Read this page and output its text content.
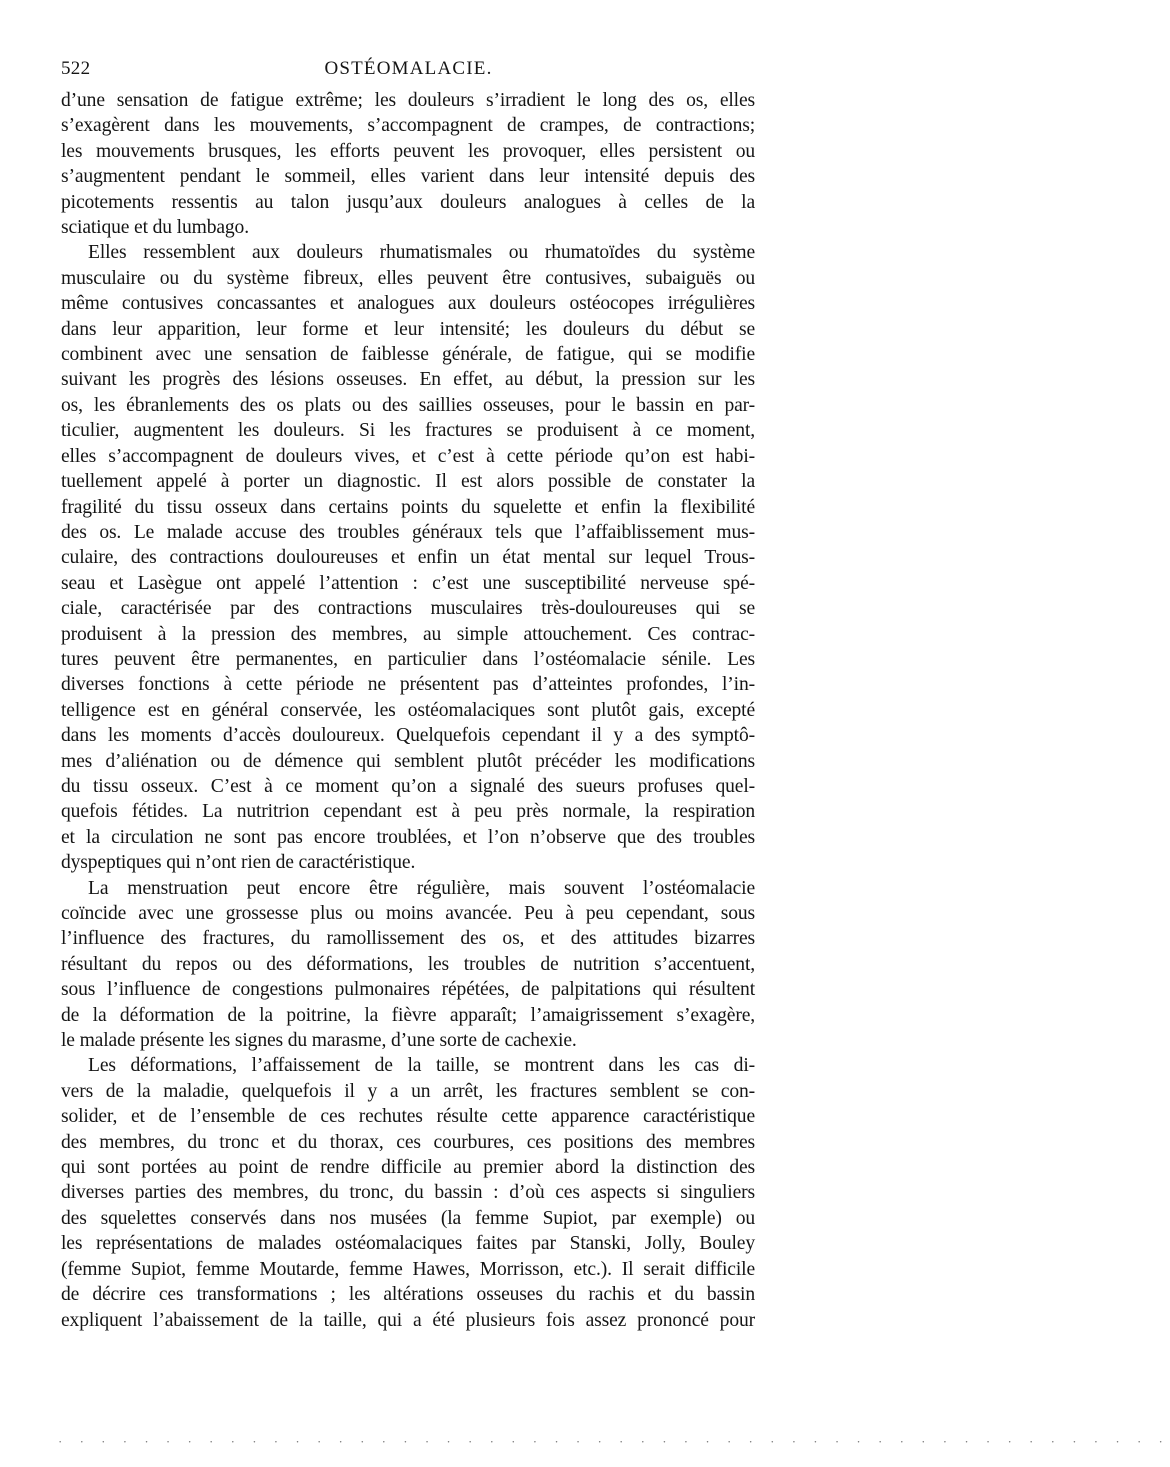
522	OSTÉOMALACIE.
d’une sensation de fatigue extrême; les douleurs s’irradient le long des os, elles
s’exagèrent dans les mouvements, s’accompagnent de crampes, de contractions;
les mouvements brusques, les efforts peuvent les provoquer, elles persistent ou
s’augmentent pendant le sommeil, elles varient dans leur intensité depuis des
picotements ressentis au talon jusqu’aux douleurs analogues à celles de la
sciatique et du lumbago.
Elles ressemblent aux douleurs rhumatismales ou rhumatoïdes du système
musculaire ou du système fibreux, elles peuvent être contusives, subaiguës ou
même contusives concassantes et analogues aux douleurs ostéocopes irrégulières
dans leur apparition, leur forme et leur intensité; les douleurs du début se
combinent avec une sensation de faiblesse générale, de fatigue, qui se modifie
suivant les progrès des lésions osseuses. En effet, au début, la pression sur les
os, les ébranlements des os plats ou des saillies osseuses, pour le bassin en par-
ticulier, augmentent les douleurs. Si les fractures se produisent à ce moment,
elles s’accompagnent de douleurs vives, et c’est à cette période qu’on est habi-
tuellement appelé à porter un diagnostic. Il est alors possible de constater la
fragilité du tissu osseux dans certains points du squelette et enfin la flexibilité
des os. Le malade accuse des troubles généraux tels que l’affaiblissement mus-
culaire, des contractions douloureuses et enfin un état mental sur lequel Trous-
seau et Lasègue ont appelé l’attention : c’est une susceptibilité nerveuse spé-
ciale, caractérisée par des contractions musculaires très-douloureuses qui se
produisent à la pression des membres, au simple attouchement. Ces contrac-
tures peuvent être permanentes, en particulier dans l’ostéomalacie sénile. Les
diverses fonctions à cette période ne présentent pas d’atteintes profondes, l’in-
telligence est en général conservée, les ostéomalaciques sont plutôt gais, excepté
dans les moments d’accès douloureux. Quelquefois cependant il y a des symptô-
mes d’aliénation ou de démence qui semblent plutôt précéder les modifications
du tissu osseux. C’est à ce moment qu’on a signalé des sueurs profuses quel-
quefois fétides. La nutritrion cependant est à peu près normale, la respiration
et la circulation ne sont pas encore troublées, et l’on n’observe que des troubles
dyspeptiques qui n’ont rien de caractéristique.
La menstruation peut encore être régulière, mais souvent l’ostéomalacie
coïncide avec une grossesse plus ou moins avancée. Peu à peu cependant, sous
l’influence des fractures, du ramollissement des os, et des attitudes bizarres
résultant du repos ou des déformations, les troubles de nutrition s’accentuent,
sous l’influence de congestions pulmonaires répétées, de palpitations qui résultent
de la déformation de la poitrine, la fièvre apparaît; l’amaigrissement s’exagère,
le malade présente les signes du marasme, d’une sorte de cachexie.
Les déformations, l’affaissement de la taille, se montrent dans les cas di-
vers de la maladie, quelquefois il y a un arrêt, les fractures semblent se con-
solider, et de l’ensemble de ces rechutes résulte cette apparence caractéristique
des membres, du tronc et du thorax, ces courbures, ces positions des membres
qui sont portées au point de rendre difficile au premier abord la distinction des
diverses parties des membres, du tronc, du bassin : d’où ces aspects si singuliers
des squelettes conservés dans nos musées (la femme Supiot, par exemple) ou
les représentations de malades ostéomalaciques faites par Stanski, Jolly, Bouley
(femme Supiot, femme Moutarde, femme Hawes, Morrisson, etc.). Il serait difficile
de décrire ces transformations ; les altérations osseuses du rachis et du bassin
expliquent l’abaissement de la taille, qui a été plusieurs fois assez prononcé pour
· · · · · · · · · · · · · · · · · · · · · · · · · · · · · · · · · · · · · · · · · · · · · · · · · · · ·
